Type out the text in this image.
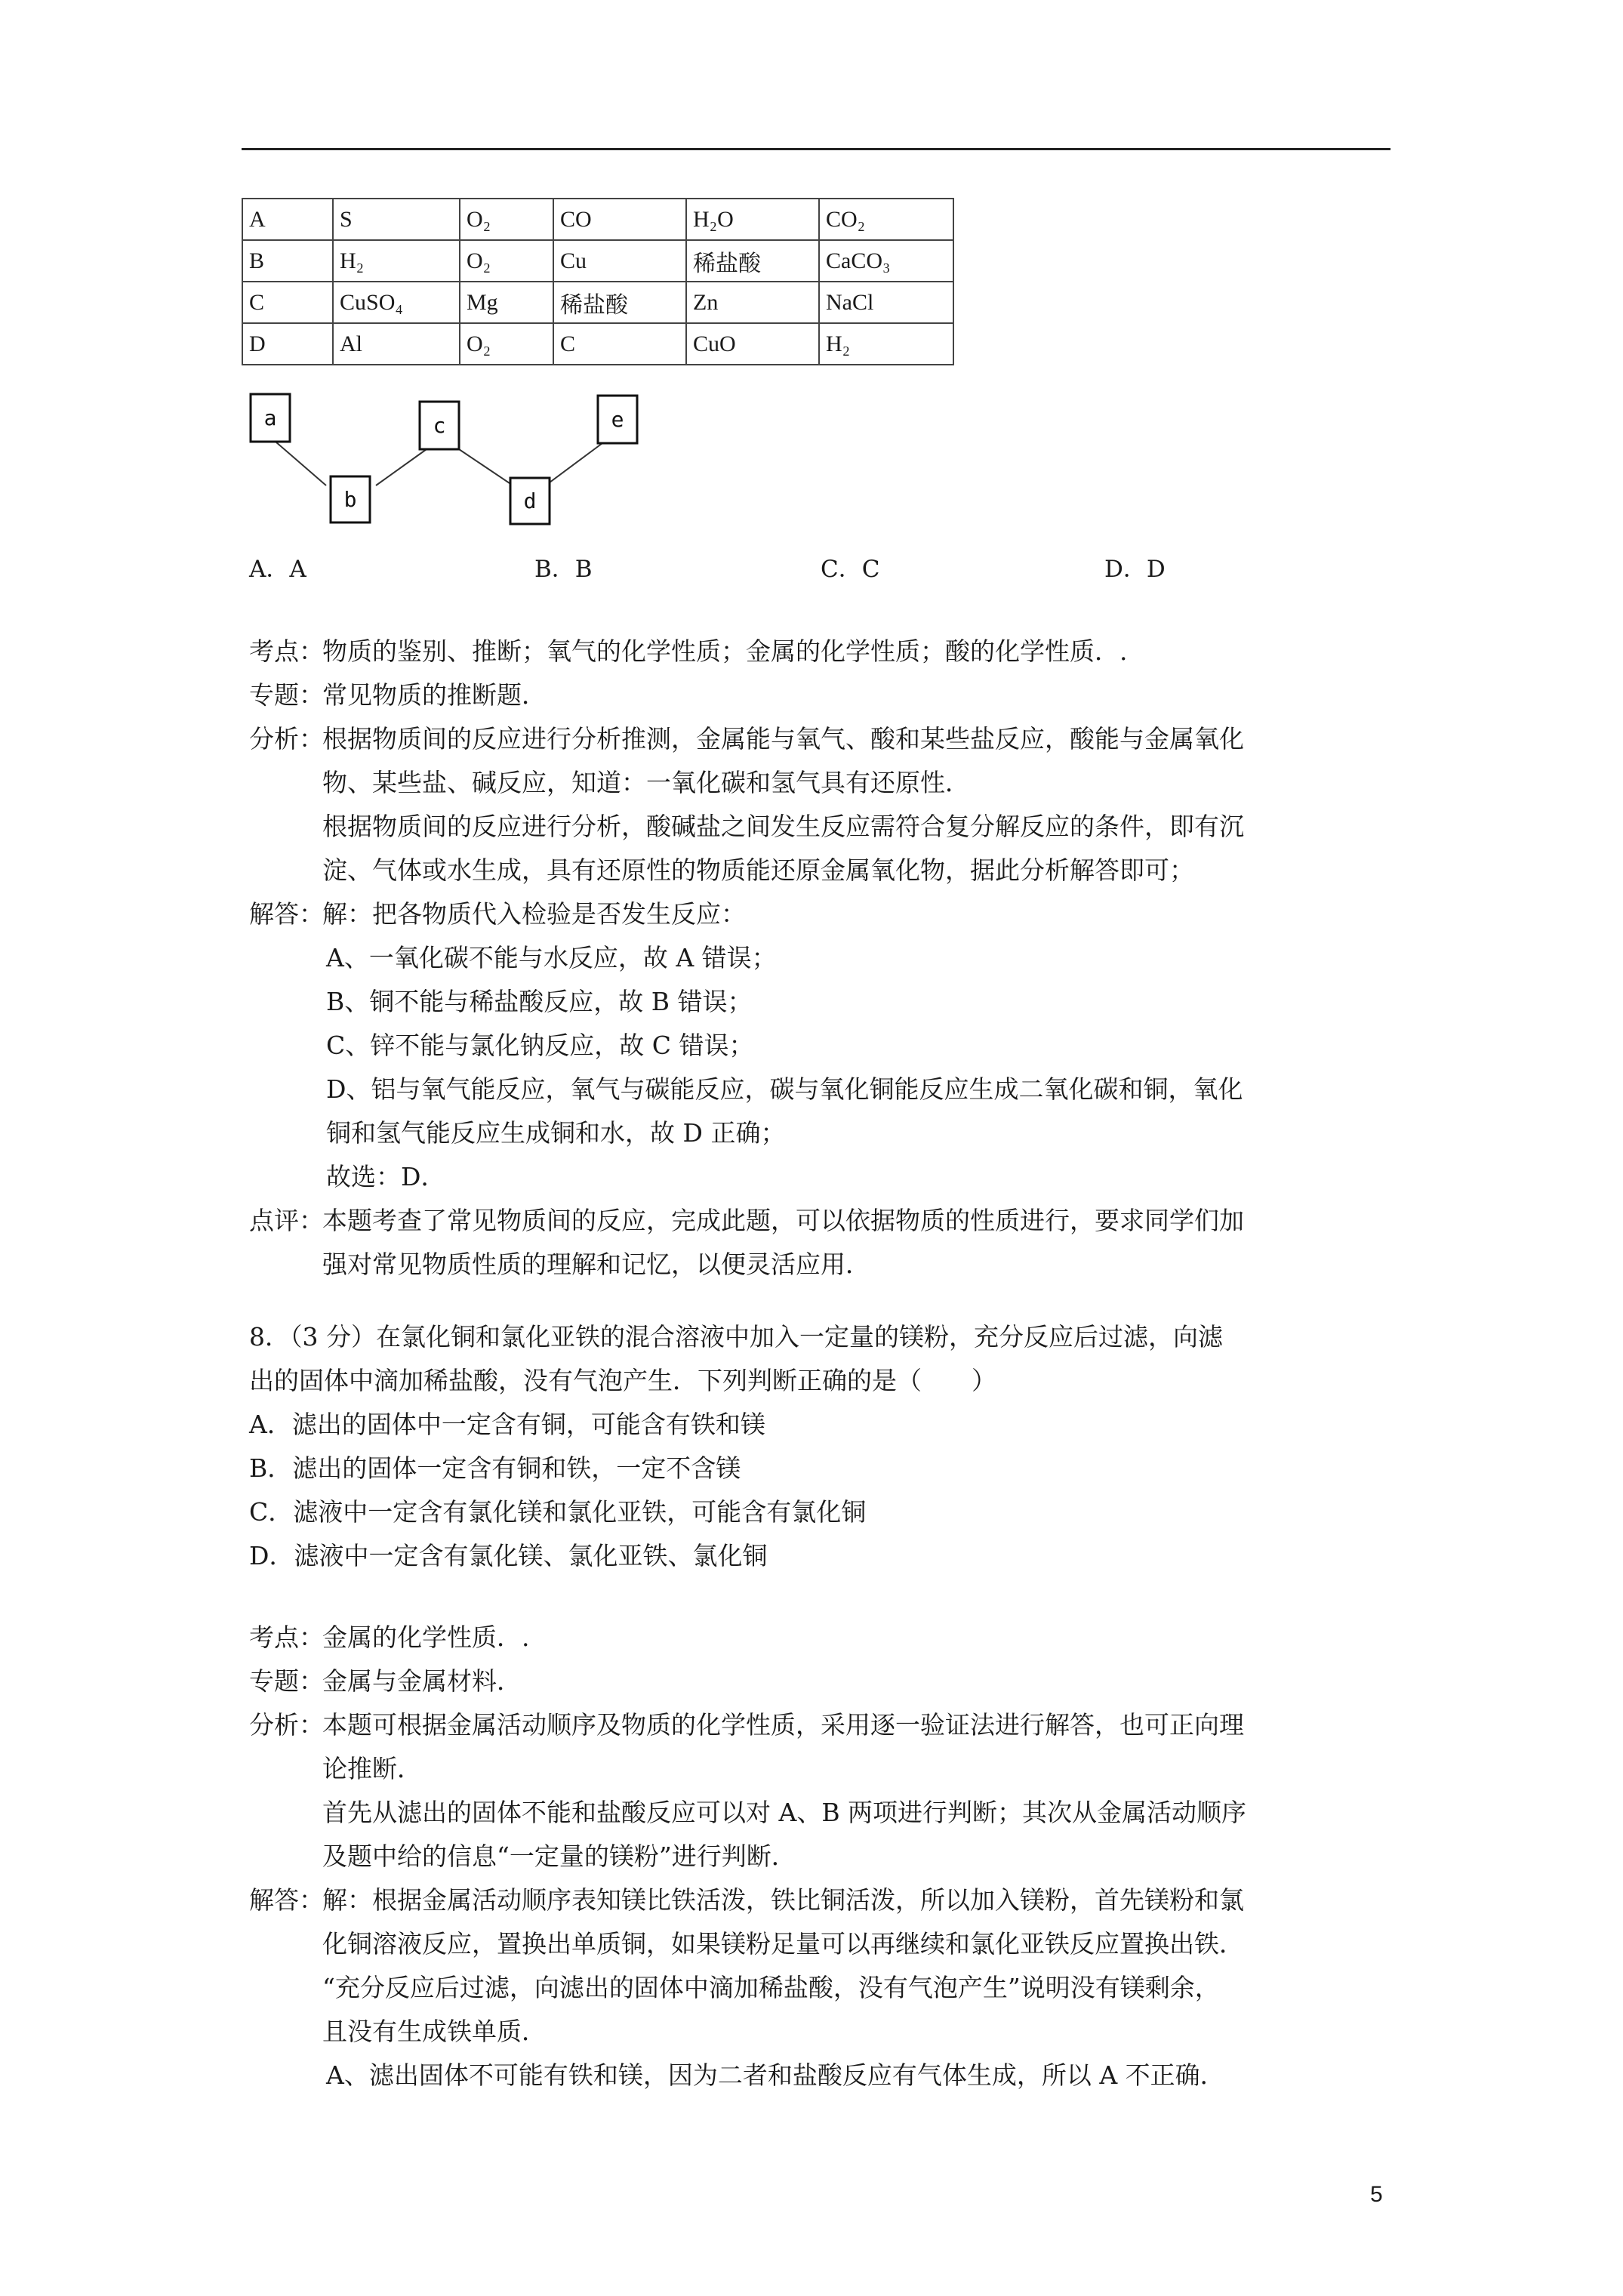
A	S	O₂	CO	H₂O	CO₂
B	H₂	O₂	Cu	稀盐酸	CaCO₃
C	CuSO₄	Mg	稀盐酸	Zn	NaCl
D	Al	O₂	C	CuO	H₂
a
b
c
d
e
A．A	B．B	C．C	D．D
考点：
物质的鉴别、推断；氧气的化学性质；金属的化学性质；酸的化学性质．.
专题：
常见物质的推断题．
分析：
根据物质间的反应进行分析推测，金属能与氧气、酸和某些盐反应，酸能与金属氧化
物、某些盐、碱反应，知道：一氧化碳和氢气具有还原性．
根据物质间的反应进行分析，酸碱盐之间发生反应需符合复分解反应的条件，即有沉
淀、气体或水生成，具有还原性的物质能还原金属氧化物，据此分析解答即可；
解答：
解：把各物质代入检验是否发生反应：
A、一氧化碳不能与水反应，故 A 错误；
B、铜不能与稀盐酸反应，故 B 错误；
C、锌不能与氯化钠反应，故 C 错误；
D、铝与氧气能反应，氧气与碳能反应，碳与氧化铜能反应生成二氧化碳和铜，氧化
铜和氢气能反应生成铜和水，故 D 正确；
故选：D．
点评：
本题考查了常见物质间的反应，完成此题，可以依据物质的性质进行，要求同学们加
强对常见物质性质的理解和记忆，以便灵活应用．
8．（3 分）在氯化铜和氯化亚铁的混合溶液中加入一定量的镁粉，充分反应后过滤，向滤
出的固体中滴加稀盐酸，没有气泡产生．下列判断正确的是（　　）
A．滤出的固体中一定含有铜，可能含有铁和镁
B．滤出的固体一定含有铜和铁，一定不含镁
C．滤液中一定含有氯化镁和氯化亚铁，可能含有氯化铜
D．滤液中一定含有氯化镁、氯化亚铁、氯化铜
考点：
金属的化学性质．.
专题：
金属与金属材料．
分析：
本题可根据金属活动顺序及物质的化学性质，采用逐一验证法进行解答，也可正向理
论推断．
首先从滤出的固体不能和盐酸反应可以对 A、B 两项进行判断；其次从金属活动顺序
及题中给的信息“一定量的镁粉”进行判断．
解答：
解：根据金属活动顺序表知镁比铁活泼，铁比铜活泼，所以加入镁粉，首先镁粉和氯
化铜溶液反应，置换出单质铜，如果镁粉足量可以再继续和氯化亚铁反应置换出铁．
“充分反应后过滤，向滤出的固体中滴加稀盐酸，没有气泡产生”说明没有镁剩余，
且没有生成铁单质．
A、滤出固体不可能有铁和镁，因为二者和盐酸反应有气体生成，所以 A 不正确．
5
